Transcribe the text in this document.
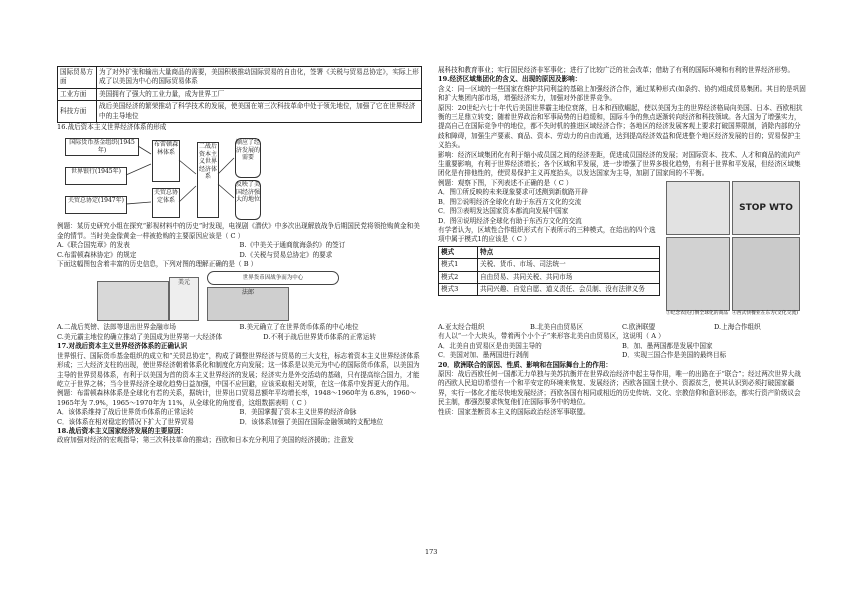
国际贸易方面	为了对外扩张和输出大量商品的需要，美国积极推动国际贸易的自由化，签署《关税与贸易总协定》，实际上形成了以美国为中心的国际贸易体系
工业方面	美国拥有了强大的工业力量，成为世界工厂
科技方面	战后美国经济的繁荣推动了科学技术的发展，使美国在第三次科技革命中处于领先地位，加强了它在世界经济中的主导地位

16.战后资本主义世界经济体系的形成

国际货币基金组织(1945年)
世界银行(1945年)
关贸总协定(1947年)
布雷顿森林体系
关贸总协定体系
二战后资本主义世界经济体系
顺应了经济发展的需要
反映了美国经济强大的地位

例题：某历史研究小组在探究“影视材料中的历史”时发现，电视剧《潜伏》中多次出现解放战争后期国民党将领抢购黄金和美金的情节。当时美金像黄金一样被抢购的主要原因应该是（ C ）

A.《联合国宪章》的发表	B.《中美关于通商航海条约》的签订
C.布雷顿森林协定》的规定	D.《关税与贸易总协定》的要求

下面这幅图包含着丰富的历史信息，下列对图的理解正确的是（ B ）

世界货币因战争而为中心
美元
法郎
A.二战后英镑、法郎等退出世界金融市场	B.美元确立了在世界货币体系的中心地位
C.美元霸主地位的确立推动了美国成为世界第一大经济体	D.不利于战后世界货币体系的正常运转

17.对战后资本主义世界经济体系的正确认识

世界银行、国际货币基金组织的成立和“关贸总协定”，构成了调整世界经济与贸易的三大支柱，标志着资本主义世界经济体系形成；三大经济支柱的出现，使世界经济朝着体系化和制度化方向发展；这一体系是以美元为中心的国际货币体系，以美国为主导的世界贸易体系，有利于以美国为首的资本主义世界经济的发展；经济实力是外交活动的基础，只有提高综合国力，才能屹立于世界之林；当今世界经济全球化趋势日益加强，中国不应回避，应该采取相关对策，在这一体系中发挥更大的作用。

例题：布雷顿森林体系是全球化有若的关系，据统计，世界出口贸易总额年平均增长率，1948～1960年为 6.8%，1960～1965年为 7.9%，1965～1970年为 11%，从全球化的角度看，这组数据表明（ C ）

A．该体系维持了战后世界货币体系的正常运转	B．美国掌握了资本主义世界的经济命脉
C．该体系在相对稳定的情况下扩大了世界贸易	D．该体系加强了美国在国际金融领域的支配地位

18.战后资本主义国家经济发展的主要原因：

政府加强对经济的宏观指导；第三次科技革命的推动；西欧和日本充分利用了美国的经济援助；注意发

展科技和教育事业；实行国民经济非军事化；进行了比较广泛的社会改革；借助了有利的国际环境和有利的世界经济形势。

19.经济区域集团化的含义、出现的原因及影响：

含义：同一区域的一些国家在维护共同利益的基础上加强经济合作，通过某种形式(如条约、协约)组成贸易集团。其目的是巩固和扩大集团内部市场，增强经济实力，加强对外部世界竞争。

原因：20世纪六七十年代后美国世界霸主地位衰落，日本和西欧崛起，使以美国为主的世界经济格局向美国、日本、西欧相抗衡的三足鼎立转变；随着世界政治和军事局势的日趋缓和，国际斗争的焦点逐渐转向经济和科技领域。各大国为了增强实力，提高自己在国际竞争中的地位，都不失时机的推进区域经济合作；各地区的经济发展客观上要求打破国界限制，消除内部的分歧和障碍，加强生产要素、商品、资本、劳动力的自由流通，达到提高经济效益和促进整个地区经济发展的目的；贸易保护主义抬头。

影响：经济区域集团化有利于缩小成员国之间的经济差距，促进成员国经济的发展；对国际资本、技术、人才和商品的流向产生重要影响，有利于世界经济增长；各个区域和平发展，进一步增强了世界多极化趋势，有利于世界和平发展，但经济区域集团化是有排他性的，使贸易保护主义再度抬头，以发达国家为主导，加剧了国家间的不平衡。

例题：观察下图，下列表述不正确的是（ C ）

A．图①所反映的未来现象要求可述测到新航路开辟

B．图②说明经济全球化有助于东西方文化的交流

C．图③表明发达国家资本都流向发展中国家

D．图④说明经济全球化有助于东西方文化的交流

有学者认为，区域性合作组织形式有下表所示的三种模式，在给出的四个选项中属于模式1的应该是（ C ）

模式	特点
模式1	关税、货币、市场、司法统一
模式2	自由贸易、共同关税、共同市场
模式3	共同兴趣、自觉自愿、道义责任、会员制、没有法律义务
STOP WTO
③纪念农民打倒全球化的商品 ④西式快餐业在东方(文化交流)
A.亚太经合组织	B.北美自由贸易区	C.欧洲联盟	D.上海合作组织

有人以“一个大块头，带着两个小个子”来形容北美自由贸易区，这说明（ A ）

A．北美自由贸易区是由美国主导的	B．加、墨两国都是发展中国家
C．美国对加、墨两国进行剥削	D．实现三国合作是美国的最终目标

20．欧洲联合的原因、性质、影响和在国际舞台上的作用：

原因：战后西欧任何一国都无力单独与美苏抗衡并在世界政治经济中起主导作用，唯一的出路在于“联合”；经过两次世界大战的西欧人民迫切希望有一个和平安定的环境来恢复、发展经济；西欧各国国土狭小、资源贫乏，使其认识到必须打破国家疆界，实行一体化才能尽快地发展经济；西欧各国有相同或相近的历史传统、文化、宗教信仰和意识形态，都实行资产阶级议会民主制，都强烈要求恢复他们在国际事务中的地位。

性质：国家垄断资本主义的国际政治经济军事联盟。

173
